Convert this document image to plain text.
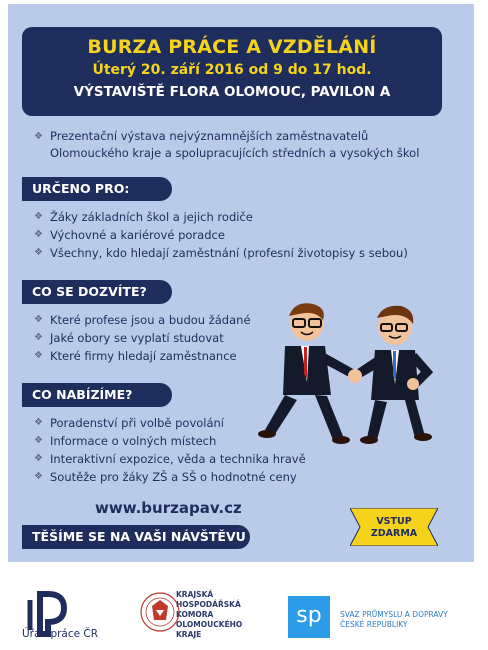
BURZA PRÁCE A VZDĚLÁNÍ
Úterý 20. září 2016 od 9 do 17 hod.
VÝSTAVIŠTĚ FLORA OLOMOUC, PAVILON A
❖ Prezentační výstava nejvýznamnějších zaměstnavatelů
Olomouckého kraje a spolupracujících středních a vysokých škol
URČENO PRO:
❖ Žáky základních škol a jejich rodiče
❖ Výchovné a kariérové poradce
❖ Všechny, kdo hledají zaměstnání (profesní životopisy s sebou)
CO SE DOZVÍTE?
❖ Které profese jsou a budou žádané
❖ Jaké obory se vyplatí studovat
❖ Které firmy hledají zaměstnance
CO NABÍZÍME?
❖ Poradenství při volbě povolání
❖ Informace o volných místech
❖ Interaktivní expozice, věda a technika hravě
❖ Soutěže pro žáky ZŠ a SŠ o hodnotné ceny
www.burzapav.cz
VSTUP
ZDARMA
TĚŠÍME SE NA VAŠI NÁVŠTĚVU
Úřad práce ČR
KRAJSKÁ
HOSPODÁŘSKÁ
KOMORA
OLOMOUCKÉHO
KRAJE
sp	SVAZ PRŮMYSLU A DOPRAVY
ČESKÉ REPUBLIKY
